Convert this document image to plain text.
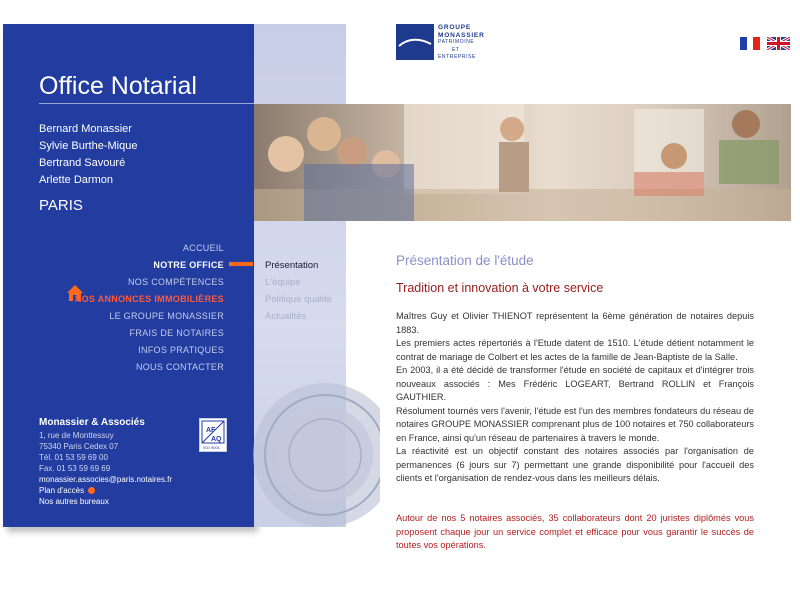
Office Notarial
Bernard Monassier
Sylvie Burthe-Mique
Bertrand Savouré
Arlette Darmon
PARIS
ACCUEIL
NOTRE OFFICE
NOS COMPÉTENCES
NOS ANNONCES IMMOBILIÈRES
LE GROUPE MONASSIER
FRAIS DE NOTAIRES
INFOS PRATIQUES
NOUS CONTACTER
Monassier & Associés
1, rue de Monttessuy
75340 Paris Cedex 07
Tél. 01 53 59 69 00
Fax. 01 53 59 69 69
monassier.associes@paris.notaires.fr
Plan d'accès
Nos autres bureaux
AF
AQ
ISO 9001
Présentation
L'équipe
Politique qualité
Actualités
GROUPE
MONASSIER
PATRIMOINE
ET
ENTREPRISE
Présentation de l'étude
Tradition et innovation à votre service

Maîtres Guy et Olivier THIENOT représentent la 6ème génération de notaires depuis 1883.

Les premiers actes répertoriés à l'Etude datent de 1510. L'étude détient notamment le contrat de mariage de Colbert et les actes de la famille de Jean-Baptiste de la Salle.

En 2003, il a été décidé de transformer l'étude en société de capitaux et d'intégrer trois nouveaux associés : Mes Frédéric LOGEART, Bertrand ROLLIN et François GAUTHIER.

Résolument tournés vers l'avenir, l'étude est l'un des membres fondateurs du réseau de notaires GROUPE MONASSIER comprenant plus de 100 notaires et 750 collaborateurs en France, ainsi qu'un réseau de partenaires à travers le monde.

La réactivité est un objectif constant des notaires associés par l'organisation de permanences (6 jours sur 7) permettant une grande disponibilité pour l'accueil des clients et l'organisation de rendez-vous dans les meilleurs délais.

Autour de nos 5 notaires associés, 35 collaborateurs dont 20 juristes diplômés vous proposent chaque jour un service complet et efficace pour vous garantir le succès de toutes vos opérations.
